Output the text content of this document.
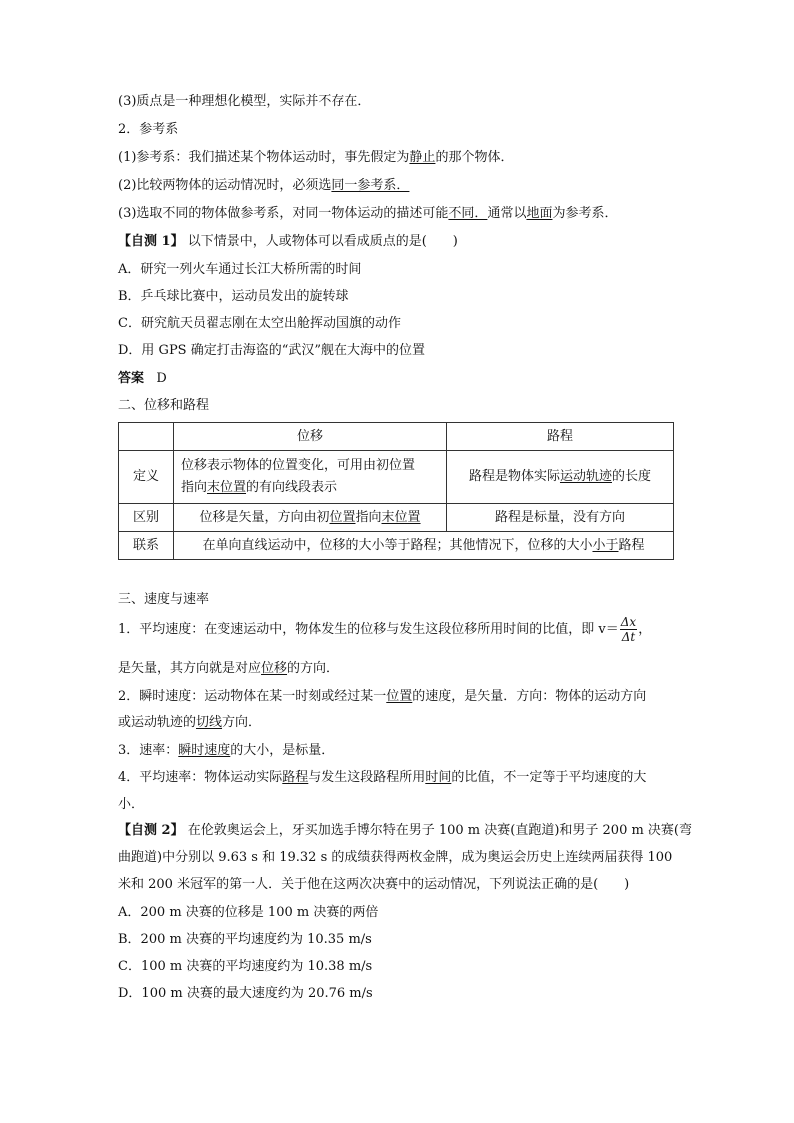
(3)质点是一种理想化模型，实际并不存在．
2．参考系
(1)参考系：我们描述某个物体运动时，事先假定为静止的那个物体．
(2)比较两物体的运动情况时，必须选同一参考系．
(3)选取不同的物体做参考系，对同一物体运动的描述可能不同．通常以地面为参考系．
【自测 1】 以下情景中，人或物体可以看成质点的是(　　)
A．研究一列火车通过长江大桥所需的时间
B．乒乓球比赛中，运动员发出的旋转球
C．研究航天员翟志刚在太空出舱挥动国旗的动作
D．用 GPS 确定打击海盗的“武汉”舰在大海中的位置
答案 D
二、位移和路程
	位移	路程
定义	位移表示物体的位置变化，可用由初位置
指向末位置的有向线段表示	路程是物体实际运动轨迹的长度
区别	位移是矢量，方向由初位置指向末位置	路程是标量，没有方向
联系	在单向直线运动中，位移的大小等于路程；其他情况下，位移的大小小于路程	
三、速度与速率
1．平均速度：在变速运动中，物体发生的位移与发生这段位移所用时间的比值，即 $v= \frac{\Delta x}{\Delta t}$ ，
是矢量，其方向就是对应位移的方向．
2．瞬时速度：运动物体在某一时刻或经过某一位置的速度，是矢量．方向：物体的运动方向
或运动轨迹的切线方向．
3．速率：瞬时速度的大小，是标量．
4．平均速率：物体运动实际路程与发生这段路程所用时间的比值，不一定等于平均速度的大
小．
【自测 2】 在伦敦奥运会上，牙买加选手博尔特在男子 100 m 决赛(直跑道)和男子 200 m 决赛(弯
曲跑道)中分别以 9.63 s 和 19.32 s 的成绩获得两枚金牌，成为奥运会历史上连续两届获得 100
米和 200 米冠军的第一人．关于他在这两次决赛中的运动情况，下列说法正确的是(　　)
A．200 m 决赛的位移是 100 m 决赛的两倍
B．200 m 决赛的平均速度约为 10.35 m/s
C．100 m 决赛的平均速度约为 10.38 m/s
D．100 m 决赛的最大速度约为 20.76 m/s
